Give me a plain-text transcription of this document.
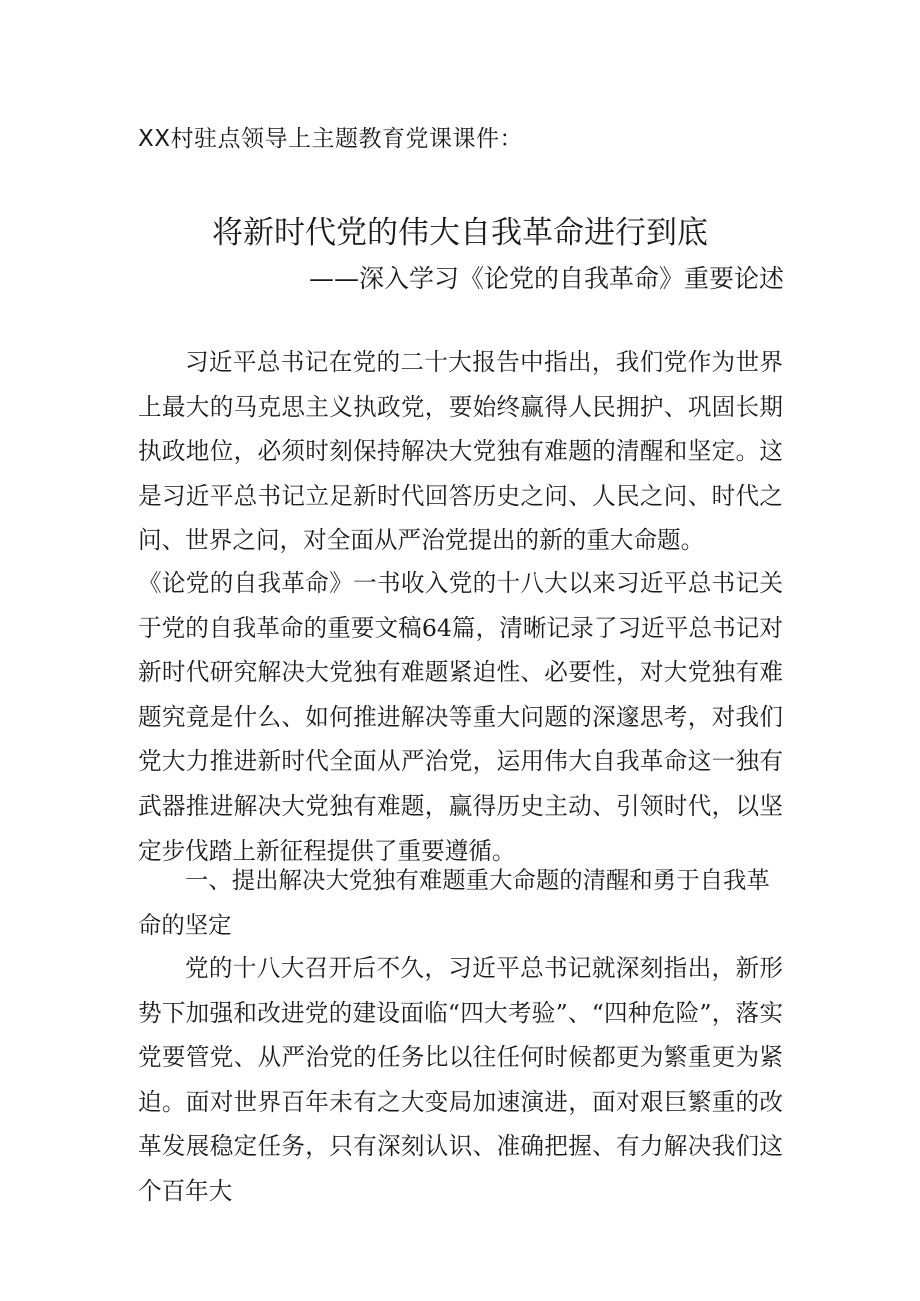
XX村驻点领导上主题教育党课课件：
将新时代党的伟大自我革命进行到底
——深入学习《论党的自我革命》重要论述

习近平总书记在党的二十大报告中指出，我们党作为世界上最大的马克思主义执政党，要始终赢得人民拥护、巩固长期执政地位，必须时刻保持解决大党独有难题的清醒和坚定。这是习近平总书记立足新时代回答历史之问、人民之问、时代之问、世界之问，对全面从严治党提出的新的重大命题。

《论党的自我革命》一书收入党的十八大以来习近平总书记关于党的自我革命的重要文稿64篇，清晰记录了习近平总书记对新时代研究解决大党独有难题紧迫性、必要性，对大党独有难题究竟是什么、如何推进解决等重大问题的深邃思考，对我们党大力推进新时代全面从严治党，运用伟大自我革命这一独有武器推进解决大党独有难题，赢得历史主动、引领时代，以坚定步伐踏上新征程提供了重要遵循。

一、提出解决大党独有难题重大命题的清醒和勇于自我革命的坚定

党的十八大召开后不久，习近平总书记就深刻指出，新形势下加强和改进党的建设面临“四大考验”、“四种危险”，落实党要管党、从严治党的任务比以往任何时候都更为繁重更为紧迫。面对世界百年未有之大变局加速演进，面对艰巨繁重的改革发展稳定任务，只有深刻认识、准确把握、有力解决我们这个百年大
